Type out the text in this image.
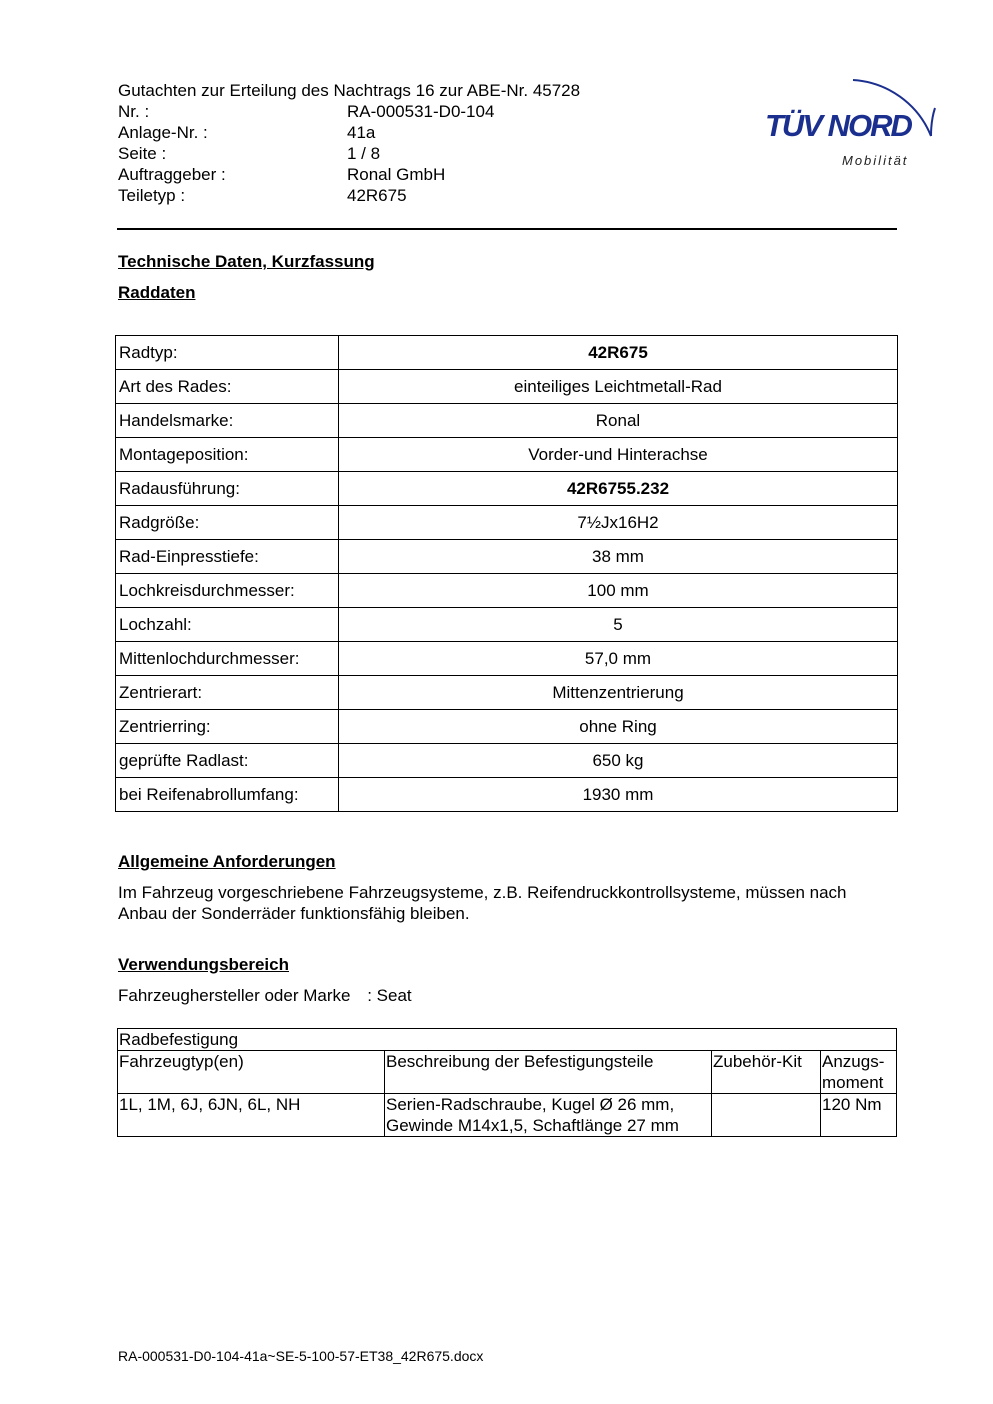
Gutachten zur Erteilung des Nachtrags 16 zur ABE-Nr. 45728
Nr. :	RA-000531-D0-104
Anlage-Nr. :	41a
Seite :	1 / 8
Auftraggeber :	Ronal GmbH
Teiletyp :	42R675
TÜV NORD
Mobilität
Technische Daten, Kurzfassung
Raddaten
Radtyp:	42R675
Art des Rades:	einteiliges Leichtmetall-Rad
Handelsmarke:	Ronal
Montageposition:	Vorder-und Hinterachse
Radausführung:	42R6755.232
Radgröße:	7½Jx16H2
Rad-Einpresstiefe:	38 mm
Lochkreisdurchmesser:	100 mm
Lochzahl:	5
Mittenlochdurchmesser:	57,0 mm
Zentrierart:	Mittenzentrierung
Zentrierring:	ohne Ring
geprüfte Radlast:	650 kg
bei Reifenabrollumfang:	1930 mm
Allgemeine Anforderungen
Im Fahrzeug vorgeschriebene Fahrzeugsysteme, z.B. Reifendruckkontrollsysteme, müssen nach Anbau der Sonderräder funktionsfähig bleiben.
Verwendungsbereich
Fahrzeughersteller oder Marke : Seat
Radbefestigung			
Fahrzeugtyp(en)	Beschreibung der Befestigungsteile	Zubehör-Kit	Anzugs-moment
1L, 1M, 6J, 6JN, 6L, NH	Serien-Radschraube, Kugel Ø 26 mm, Gewinde M14x1,5, Schaftlänge 27 mm		120 Nm
RA-000531-D0-104-41a~SE-5-100-57-ET38_42R675.docx
